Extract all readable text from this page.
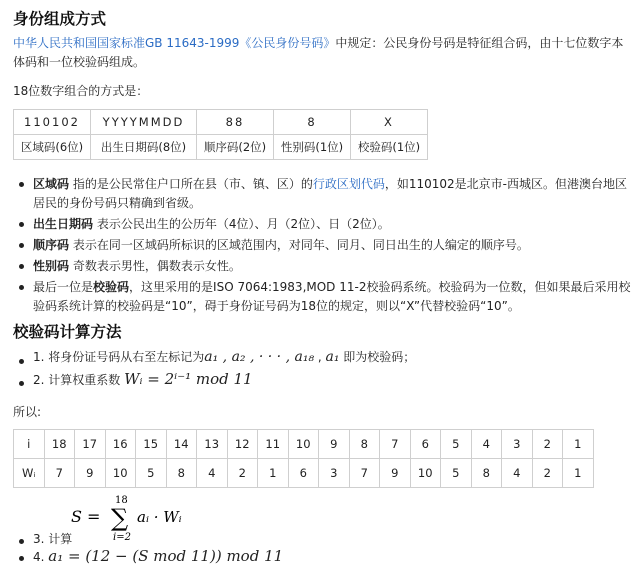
身份组成方式
中华人民共和国国家标准GB 11643-1999《公民身份号码》中规定：公民身份号码是特征组合码，由十七位数字本体码和一位校验码组成。
18位数字组合的方式是：
110102	YYYYMMDD	88	8	X
区域码(6位)	出生日期码(8位)	顺序码(2位)	性别码(1位)	校验码(1位)
区域码 指的是公民常住户口所在县（市、镇、区）的行政区划代码，如110102是北京市-西城区。但港澳台地区居民的身份号码只精确到省级。
出生日期码 表示公民出生的公历年（4位）、月（2位）、日（2位）。
顺序码 表示在同一区域码所标识的区域范围内，对同年、同月、同日出生的人编定的顺序号。
性别码 奇数表示男性，偶数表示女性。
最后一位是校验码，这里采用的是ISO 7064:1983,MOD 11-2校验码系统。校验码为一位数，但如果最后采用校验码系统计算的校验码是“10”，碍于身份证号码为18位的规定，则以“X”代替校验码“10”。
校验码计算方法
1. 将身份证号码从右至左标记为a₁ , a₂ , · · · , a₁₈ , a₁ 即为校验码；
2. 计算权重系数 Wᵢ = 2ⁱ⁻¹ mod 11
所以:
i	18	17	16	15	14	13	12	11	10	9	8	7	6	5	4	3	2	1
Wᵢ	7	9	10	5	8	4	2	1	6	3	7	9	10	5	8	4	2	1
S =
18
∑
i=2
aᵢ · Wᵢ
3. 计算
4. a₁ = (12 − (S mod 11)) mod 11
